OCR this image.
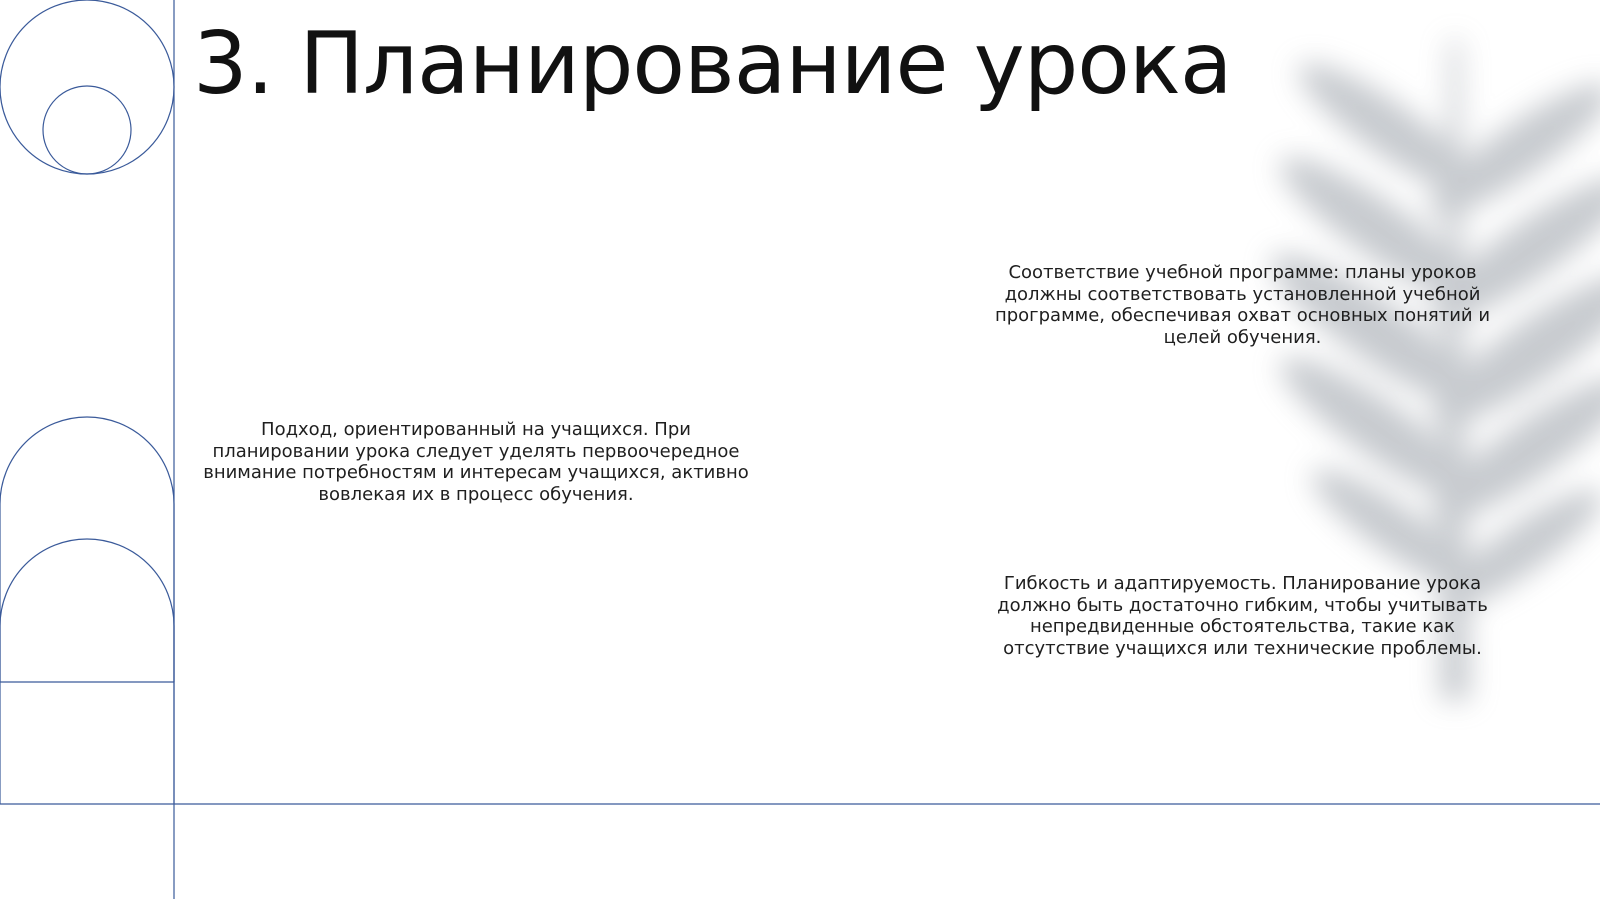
3. Планирование урока

Подход, ориентированный на учащихся. При планировании урока следует уделять первоочередное внимание потребностям и интересам учащихся, активно вовлекая их в процесс обучения.

Соответствие учебной программе: планы уроков должны соответствовать установленной учебной программе, обеспечивая охват основных понятий и целей обучения.

Гибкость и адаптируемость. Планирование урока должно быть достаточно гибким, чтобы учитывать непредвиденные обстоятельства, такие как отсутствие учащихся или технические проблемы.
